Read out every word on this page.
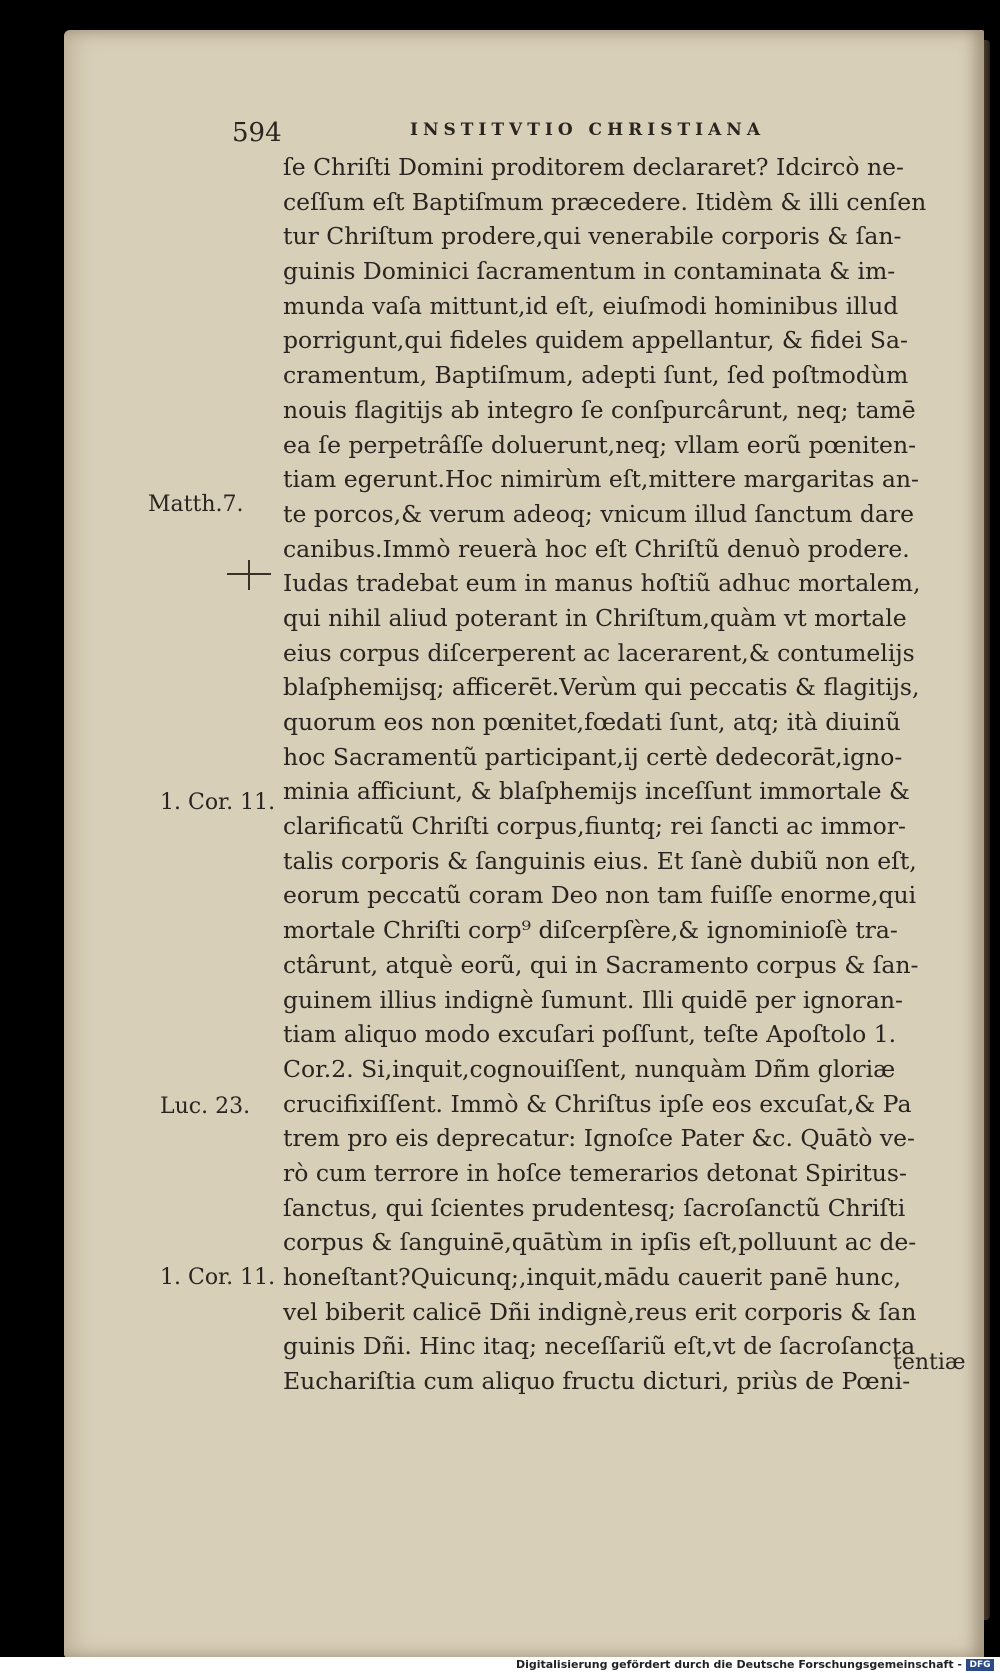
594	INSTITVTIO CHRISTIANA
ſe Chriſti Domini proditorem declararet? Idcircò ne-
ceſſum eſt Baptiſmum præcedere. Itidèm & illi cenſen
tur Chriſtum prodere,qui venerabile corporis & ſan-
guinis Dominici ſacramentum in contaminata & im-
munda vaſa mittunt,id eſt, eiuſmodi hominibus illud
porrigunt,qui fideles quidem appellantur, & fidei Sa-
cramentum, Baptiſmum, adepti ſunt, ſed poſtmodùm
nouis flagitijs ab integro ſe conſpurcârunt, neq; tamē
ea ſe perpetrâſſe doluerunt,neq; vllam eorũ pœniten-
tiam egerunt.Hoc nimirùm eſt,mittere margaritas an-
te porcos,& verum adeoq; vnicum illud ſanctum dare
canibus.Immò reuerà hoc eſt Chriſtũ denuò prodere.
Iudas tradebat eum in manus hoſtiũ adhuc mortalem,
qui nihil aliud poterant in Chriſtum,quàm vt mortale
eius corpus diſcerperent ac lacerarent,& contumelijs
blaſphemijsq; afficerēt.Verùm qui peccatis & flagitijs,
quorum eos non pœnitet,fœdati ſunt, atq; ità diuinũ
hoc Sacramentũ participant,ij certè dedecorāt,igno-
minia afficiunt, & blaſphemijs inceſſunt immortale &
clarificatũ Chriſti corpus,fiuntq; rei ſancti ac immor-
talis corporis & ſanguinis eius. Et ſanè dubiũ non eſt,
eorum peccatũ coram Deo non tam fuiſſe enorme,qui
mortale Chriſti corp⁹ diſcerpſère,& ignominioſè tra-
ctârunt, atquè eorũ, qui in Sacramento corpus & ſan-
guinem illius indignè ſumunt. Illi quidē per ignoran-
tiam aliquo modo excuſari poſſunt, teſte Apoſtolo 1.
Cor.2. Si,inquit,cognouiſſent, nunquàm Dñm gloriæ
crucifixiſſent. Immò & Chriſtus ipſe eos excuſat,& Pa
trem pro eis deprecatur: Ignoſce Pater &c. Quātò ve-
rò cum terrore in hoſce temerarios detonat Spiritus-
ſanctus, qui ſcientes prudentesq; ſacroſanctũ Chriſti
corpus & ſanguinē,quātùm in ipſis eſt,polluunt ac de-
honeſtant?Quicunq;,inquit,mādu cauerit panē hunc,
vel biberit calicē Dñi indignè,reus erit corporis & ſan
guinis Dñi. Hinc itaq; neceſſariũ eſt,vt de ſacroſancta
Euchariſtia cum aliquo fructu dicturi, priùs de Pœni-
tentiæ
Matth.7.
1. Cor. 11.
Luc. 23.
1. Cor. 11.
Digitalisierung gefördert durch die Deutsche Forschungsgemeinschaft - DFG
